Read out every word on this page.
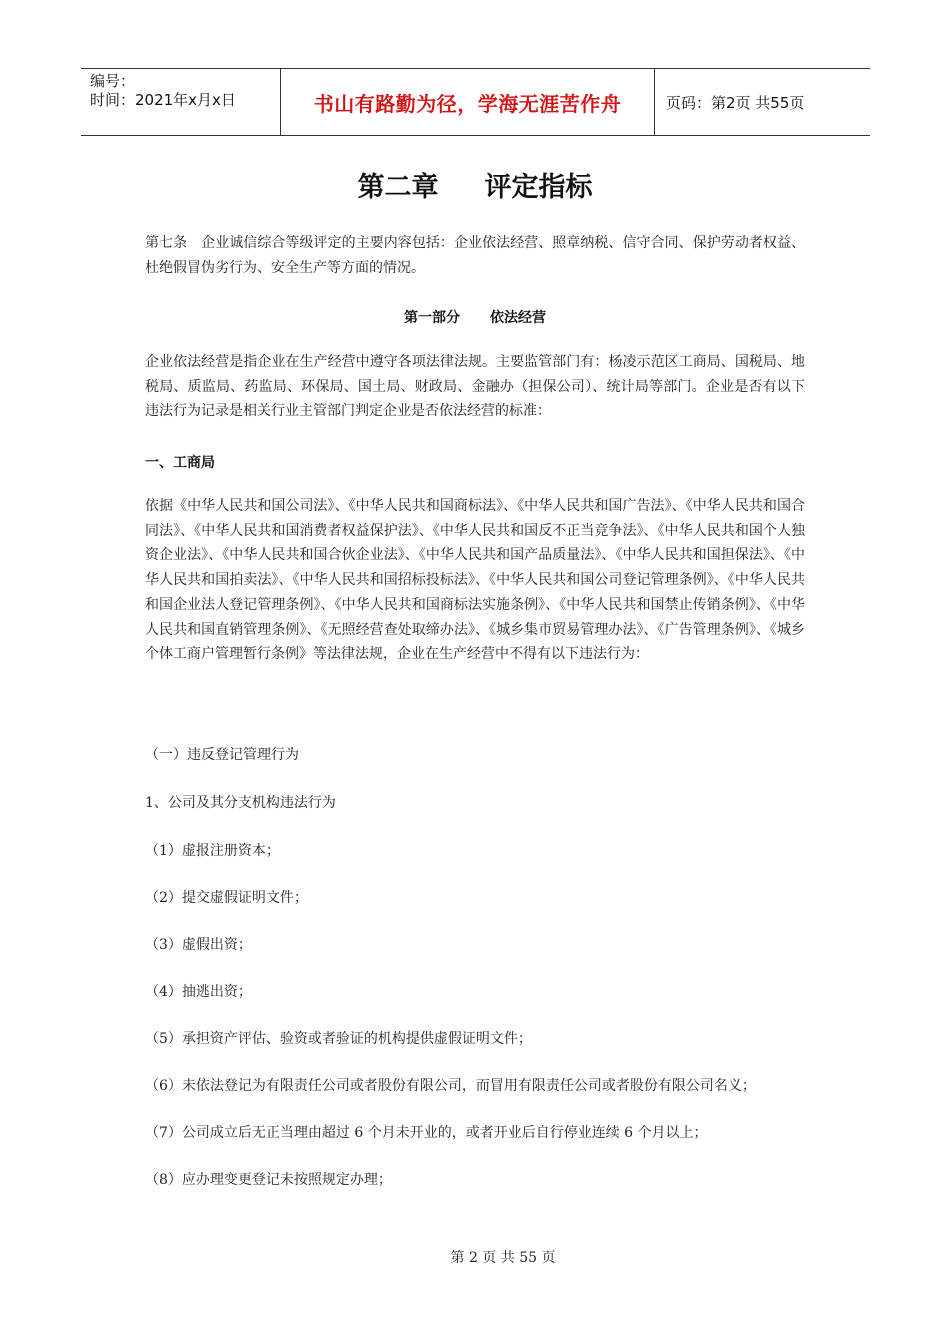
编号：
时间：2021年x月x日	书山有路勤为径，学海无涯苦作舟	页码：第2页 共55页
第二章 评定指标
第七条　企业诚信综合等级评定的主要内容包括：企业依法经营、照章纳税、信守合同、保护劳动者权益、杜绝假冒伪劣行为、安全生产等方面的情况。
第一部分 依法经营
企业依法经营是指企业在生产经营中遵守各项法律法规。主要监管部门有：杨凌示范区工商局、国税局、地税局、质监局、药监局、环保局、国土局、财政局、金融办（担保公司）、统计局等部门。企业是否有以下违法行为记录是相关行业主管部门判定企业是否依法经营的标准：
一、工商局
依据《中华人民共和国公司法》、《中华人民共和国商标法》、《中华人民共和国广告法》、《中华人民共和国合同法》、《中华人民共和国消费者权益保护法》、《中华人民共和国反不正当竞争法》、《中华人民共和国个人独资企业法》、《中华人民共和国合伙企业法》、《中华人民共和国产品质量法》、《中华人民共和国担保法》、《中华人民共和国拍卖法》、《中华人民共和国招标投标法》、《中华人民共和国公司登记管理条例》、《中华人民共和国企业法人登记管理条例》、《中华人民共和国商标法实施条例》、《中华人民共和国禁止传销条例》、《中华人民共和国直销管理条例》、《无照经营查处取缔办法》、《城乡集市贸易管理办法》、《广告管理条例》、《城乡个体工商户管理暂行条例》等法律法规，企业在生产经营中不得有以下违法行为：
（一）违反登记管理行为
1、公司及其分支机构违法行为
（1）虚报注册资本；
（2）提交虚假证明文件；
（3）虚假出资；
（4）抽逃出资；
（5）承担资产评估、验资或者验证的机构提供虚假证明文件；
（6）未依法登记为有限责任公司或者股份有限公司，而冒用有限责任公司或者股份有限公司名义；
（7）公司成立后无正当理由超过 6 个月未开业的，或者开业后自行停业连续 6 个月以上；
（8）应办理变更登记未按照规定办理；
第 2 页 共 55 页
